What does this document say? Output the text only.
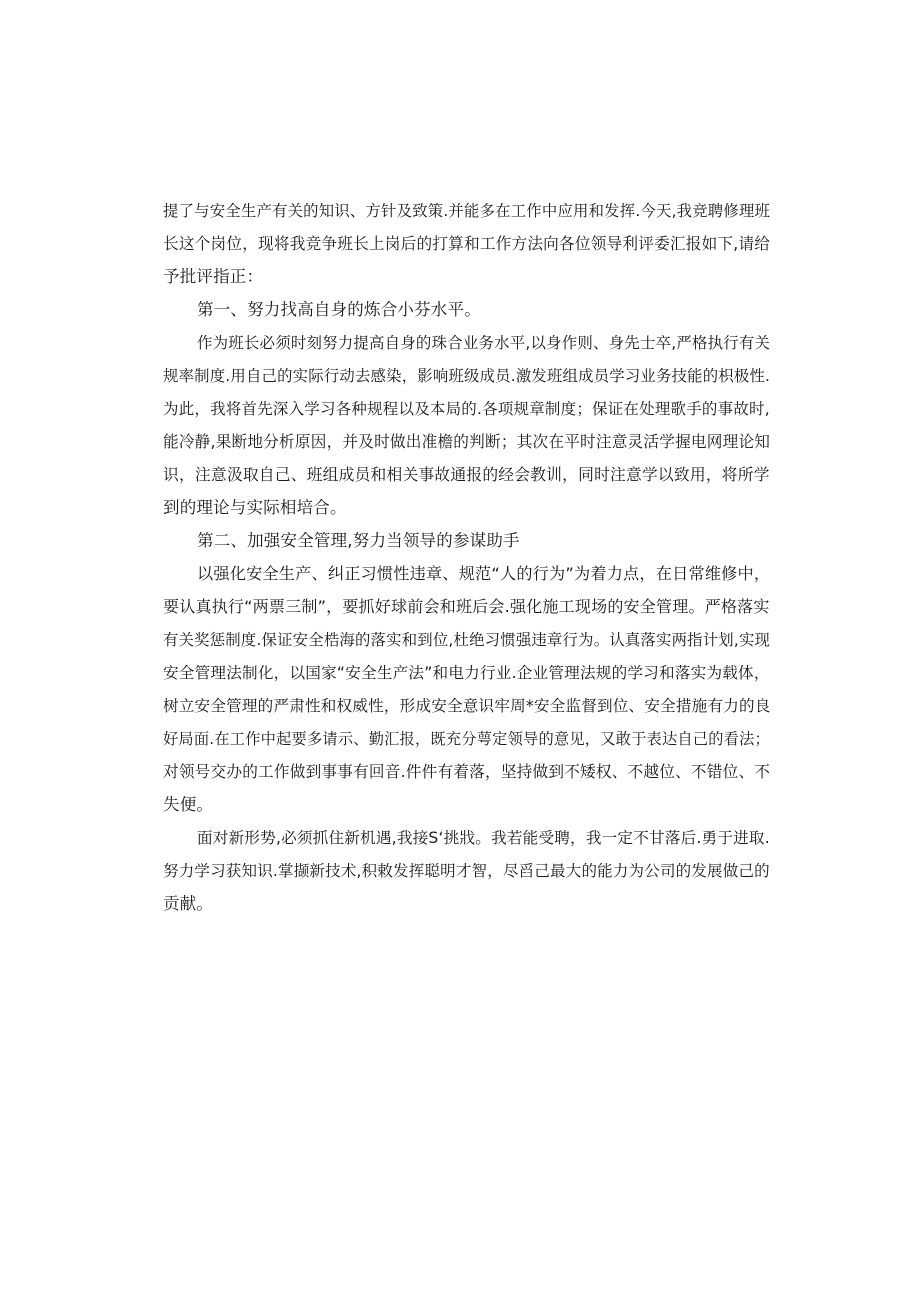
提了与安全生产有关的知识、方针及致策.并能多在工作中应用和发挥.今天,我竞聘修理班
长这个岗位，现将我竞争班长上岗后的打算和工作方法向各位领导利评委汇报如下,请给
予批评指正：
第一、努力找高自身的炼合小芬水平。
作为班长必须时刻努力提高自身的珠合业务水平,以身作则、身先士卒,严格执行有关
规率制度.用自己的实际行动去感染，影响班级成员.激发班组成员学习业务技能的枳极性.
为此，我将首先深入学习各种规程以及本局的.各项规章制度；保证在处理歌手的事故时,
能冷静,果断地分析原因，并及时做出准檐的判断；其次在平时注意灵活学握电网理论知
识，注意汲取自己、班组成员和相关事故通报的经会教训，同时注意学以致用，将所学
到的理论与实际相培合。
第二、加强安全管理,努力当领导的参谋助手
以强化安全生产、纠正习惯性违章、规范“人的行为”为着力点，在日常维修中，
要认真执行“两票三制”，要抓好球前会和班后会.强化施工现场的安全管理。严格落实
有关奖惩制度.保证安全梏海的落实和到位,杜绝习惯强违章行为。认真落实两指计划,实现
安全管理法制化，以国家“安全生产法”和电力行业.企业管理法规的学习和落实为载体，
树立安全管理的严肃性和权威性，形成安全意识牢周*安全监督到位、安全措施有力的良
好局面.在工作中起要多请示、勤汇报，既充分萼定领导的意见，又敢于表达自己的看法；
对领号交办的工作做到事事有回音.件件有着落，坚持做到不矮权、不越位、不错位、不
失便。
面对新形势,必须抓住新机遇,我接S‘挑戕。我若能受聘，我一定不甘落后.勇于进取.
努力学习获知识.掌撷新技术,积敕发挥聪明才智，尽舀己最大的能力为公司的发展做己的
贡献。
